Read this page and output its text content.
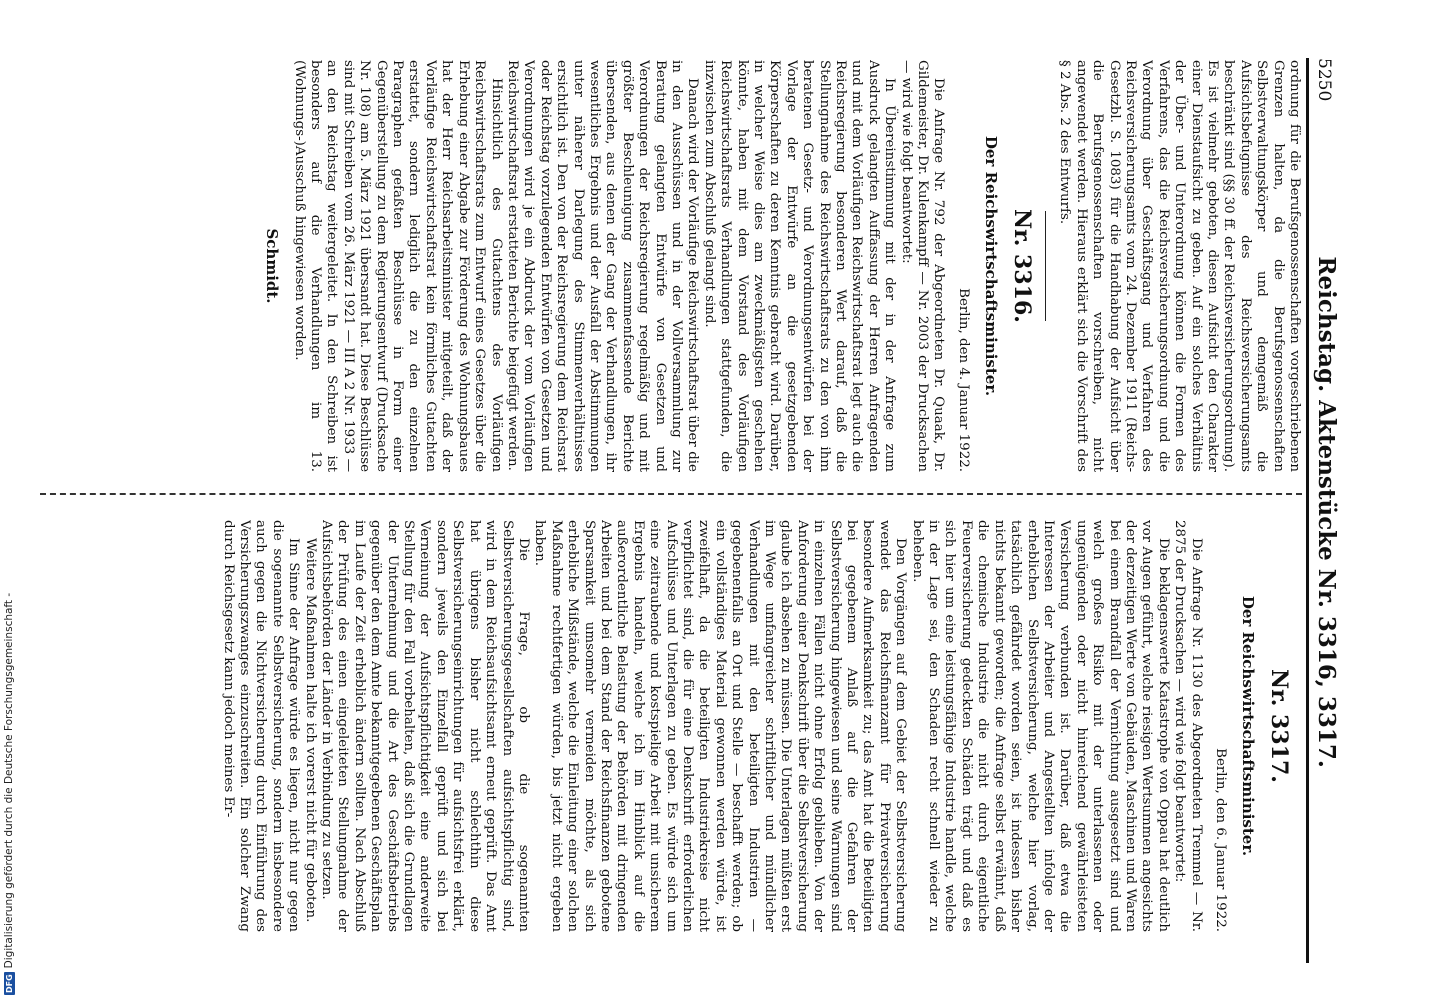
5250
Reichstag. Aktenstücke Nr. 3316, 3317.

ordnung für die Berufsgenossenschaften vorgeschriebenen Grenzen halten, da die Berufsgenossenschaften Selbstverwaltungskörper und demgemäß die Aufsichtsbefugnisse des Reichsversicherungsamts beschränkt sind (§§ 30 ff. der Reichsversicherungsordnung). Es ist vielmehr geboten, diesen Aufsicht den Charakter einer Dienstaufsicht zu geben. Auf ein solches Verhältnis der Über- und Unterordnung können die Formen des Verfahrens, das die Reichsversicherungsordnung und die Verordnung über Geschäftsgang und Verfahren des Reichsversicherungsamts vom 24. Dezember 1911 (Reichs-Gesetzbl. S. 1083) für die Handhabung der Aufsicht über die Berufsgenossenschaften vorschreiben, nicht angewendet werden. Hieraus erklärt sich die Vorschrift des § 2 Abs. 2 des Entwurfs.

Nr. 3316.
Der Reichswirtschaftsminister.
Berlin, den 4. Januar 1922.

Die Anfrage Nr. 792 der Abgeordneten Dr. Quaak, Dr. Gildemeister, Dr. Kulenkampff — Nr. 2003 der Drucksachen — wird wie folgt beantwortet:

In Übereinstimmung mit der in der Anfrage zum Ausdruck gelangten Auffassung der Herren Anfragenden und mit dem Vorläufigen Reichswirtschaftsrat legt auch die Reichsregierung besonderen Wert darauf, daß die Stellungnahme des Reichswirtschaftsrats zu den von ihm beratenen Gesetz- und Verordnungsentwürfen bei der Vorlage der Entwürfe an die gesetzgebenden Körperschaften zu deren Kenntnis gebracht wird. Darüber, in welcher Weise dies am zweckmäßigsten geschehen könnte, haben mit dem Vorstand des Vorläufigen Reichswirtschaftsrats Verhandlungen stattgefunden, die inzwischen zum Abschluß gelangt sind.

Danach wird der Vorläufige Reichswirtschaftsrat über die in den Ausschüssen und in der Vollversammlung zur Beratung gelangten Entwürfe von Gesetzen und Verordnungen der Reichsregierung regelmäßig und mit größter Beschleunigung zusammenfassende Berichte übersenden, aus denen der Gang der Verhandlungen, ihr wesentliches Ergebnis und der Ausfall der Abstimmungen unter näherer Darlegung des Stimmenverhältnisses ersichtlich ist. Den von der Reichsregierung dem Reichsrat oder Reichstag vorzulegenden Entwürfen von Gesetzen und Verordnungen wird je ein Abdruck der vom Vorläufigen Reichswirtschaftsrat erstatteten Berichte beigefügt werden.

Hinsichtlich des Gutachtens des Vorläufigen Reichswirtschaftsrats zum Entwurf eines Gesetzes über die Erhebung einer Abgabe zur Förderung des Wohnungsbaues hat der Herr Reichsarbeitsminister mitgeteilt, daß der Vorläufige Reichswirtschaftsrat kein förmliches Gutachten erstattet, sondern lediglich die zu den einzelnen Paragraphen gefaßten Beschlüsse in Form einer Gegenüberstellung zu dem Regierungsentwurf (Drucksache Nr. 108) am 5. März 1921 übersandt hat. Diese Beschlüsse sind mit Schreiben vom 26. März 1921 — III A 2 Nr. 1933 — an den Reichstag weitergeleitet. In den Schreiben ist besonders auf die Verhandlungen im 13. (Wohnungs-)Ausschuß hingewiesen worden.

Schmidt.
Nr. 3317.
Der Reichswirtschaftsminister.
Berlin, den 6. Januar 1922.

Die Anfrage Nr. 1130 des Abgeordneten Tremmel — Nr. 2875 der Drucksachen — wird wie folgt beantwortet:

Die beklagenswerte Katastrophe von Oppau hat deutlich vor Augen geführt, welche riesigen Wertsummen angesichts der derzeitigen Werte von Gebäuden, Maschinen und Waren bei einem Brandfall der Vernichtung ausgesetzt sind und welch großes Risiko mit der unterlassenen oder ungenügenden oder nicht hinreichend gewährleisteten Versicherung verbunden ist. Darüber, daß etwa die Interessen der Arbeiter und Angestellten infolge der erheblichen Selbstversicherung, welche hier vorlag, tatsächlich gefährdet worden seien, ist indessen bisher nichts bekannt geworden; die Anfrage selbst erwähnt, daß die chemische Industrie die nicht durch eigentliche Feuerversicherung gedeckten Schäden trägt und daß es sich hier um eine leistungsfähige Industrie handle, welche in der Lage sei, den Schaden recht schnell wieder zu beheben.

Den Vorgängen auf dem Gebiet der Selbstversicherung wendet das Reichsfinanzamt für Privatversicherung besondere Aufmerksamkeit zu; das Amt hat die Beteiligten bei gegebenem Anlaß auf die Gefahren der Selbstversicherung hingewiesen und seine Warnungen sind in einzelnen Fällen nicht ohne Erfolg geblieben. Von der Anforderung einer Denkschrift über die Selbstversicherung glaube ich absehen zu müssen. Die Unterlagen müßten erst im Wege umfangreicher schriftlicher und mündlicher Verhandlungen mit den beteiligten Industrien — gegebenenfalls an Ort und Stelle — beschafft werden; ob ein vollständiges Material gewonnen werden würde, ist zweifelhaft, da die beteiligten Industriekreise nicht verpflichtet sind, die für eine Denkschrift erforderlichen Aufschlüsse und Unterlagen zu geben. Es würde sich um eine zeitraubende und kostspielige Arbeit mit unsicherem Ergebnis handeln, welche ich im Hinblick auf die außerordentliche Belastung der Behörden mit dringenden Arbeiten und bei dem Stand der Reichsfinanzen gebotene Sparsamkeit umsomehr vermeiden möchte, als sich erhebliche Mißstände, welche die Einleitung einer solchen Maßnahme rechtfertigen würden, bis jetzt nicht ergeben haben.

Die Frage, ob die sogenannten Selbstversicherungsgesellschaften aufsichtspflichtig sind, wird in dem Reichsaufsichtsamt erneut geprüft. Das Amt hat übrigens bisher nicht schlechthin diese Selbstversicherungseinrichtungen für aufsichtsfrei erklärt, sondern jeweils den Einzelfall geprüft und sich bei Verneinung der Aufsichtspflichtigkeit eine anderweite Stellung für den Fall vorbehalten, daß sich die Grundlagen der Unternehmung und die Art des Geschäftsbetriebs gegenüber den dem Amte bekanntgegebenen Geschäftsplan im Laufe der Zeit erheblich ändern sollten. Nach Abschluß der Prüfung des einen eingeleiteten Stellungnahme der Aufsichtsbehörden der Länder in Verbindung zu setzen.

Weitere Maßnahmen halte ich vorerst nicht für geboten.

Im Sinne der Anfrage würde es liegen, nicht nur gegen die sogenannte Selbstversicherung, sondern insbesondere auch gegen die Nichtversicherung durch Einführung des Versicherungszwanges einzuschreiten. Ein solcher Zwang durch Reichsgesetz kann jedoch meines Er-

DFGDigitalisierung gefördert durch die Deutsche Forschungsgemeinschaft -
